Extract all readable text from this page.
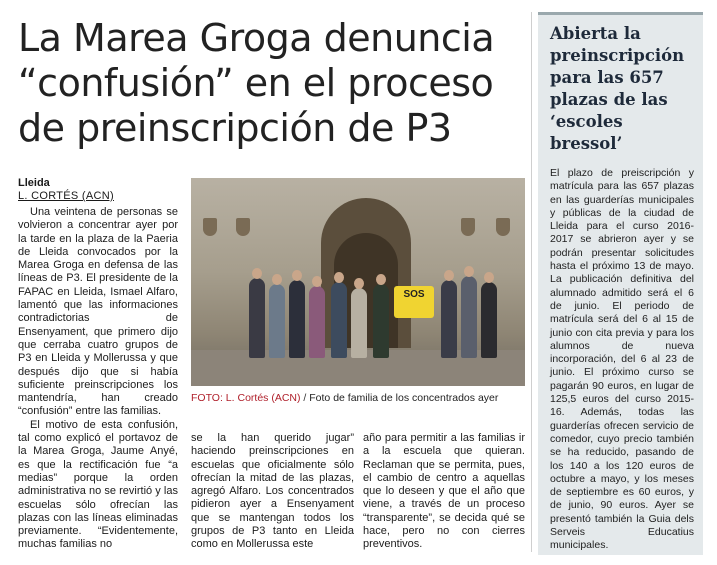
La Marea Groga denuncia “confusión” en el proceso de preinscripción de P3
Lleida
L. CORTÉS (ACN)

Una veintena de personas se volvieron a concentrar ayer por la tarde en la plaza de la Paeria de Lleida convocados por la Marea Groga en defensa de las líneas de P3. El presidente de la FAPAC en Lleida, Ismael Alfaro, lamentó que las informaciones contradictorias de Ensenyament, que primero dijo que cerraba cuatro grupos de P3 en Lleida y Mollerussa y que después dijo que si había suficiente preinscripciones los mantendría, han creado “confusión” entre las familias.

El motivo de esta confusión, tal como explicó el portavoz de la Marea Groga, Jaume Anyé, es que la rectificación fue “a medias” porque la orden administrativa no se revirtió y las escuelas sólo ofrecían las plazas con las líneas eliminadas previamente. “Evidentemente, muchas familias no

SOS
FOTO: L. Cortés (ACN) / Foto de familia de los concentrados ayer

se la han querido jugar” haciendo preinscripciones en escuelas que oficialmente sólo ofrecían la mitad de las plazas, agregó Alfaro. Los concentrados pidieron ayer a Ensenyament que se mantengan todos los grupos de P3 tanto en Lleida como en Mollerussa este

año para permitir a las familias ir a la escuela que quieran. Reclaman que se permita, pues, el cambio de centro a aquellas que lo deseen y que el año que viene, a través de un proceso “transparente”, se decida qué se hace, pero no con cierres preventivos.

Abierta la preinscripción para las 657 plazas de las ‘escoles bressol’

El plazo de preiscripción y matrícula para las 657 plazas en las guarderías municipales y públicas de la ciudad de Lleida para el curso 2016-2017 se abrieron ayer y se podrán presentar solicitudes hasta el próximo 13 de mayo. La publicación definitiva del alumnado admitido será el 6 de junio. El periodo de matrícula será del 6 al 15 de junio con cita previa y para los alumnos de nueva incorporación, del 6 al 23 de junio. El próximo curso se pagarán 90 euros, en lugar de 125,5 euros del curso 2015-16. Además, todas las guarderías ofrecen servicio de comedor, cuyo precio también se ha reducido, pasando de los 140 a los 120 euros de octubre a mayo, y los meses de septiembre es 60 euros, y de junio, 90 euros. Ayer se presentó también la Guia dels Serveis Educatius municipales.
